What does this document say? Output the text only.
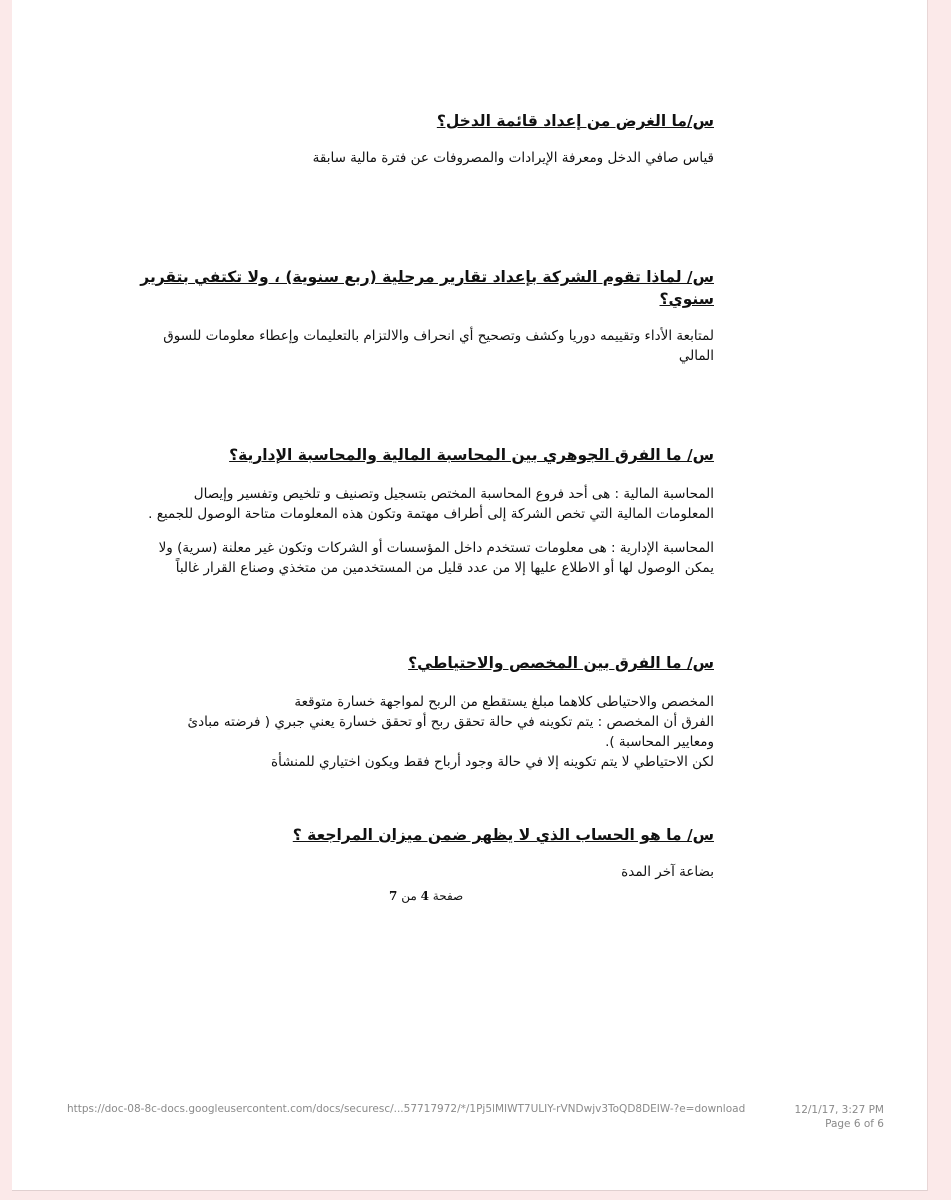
س/ما الغرض من إعداد قائمة الدخل؟

قياس صافي الدخل ومعرفة الإيرادات والمصروفات عن فترة مالية سابقة

س/ لماذا تقوم الشركة بإعداد تقارير مرحلية (ربع سنوية) ، ولا تكتفي بتقرير سنوي؟

لمتابعة الأداء وتقييمه دوريا وكشف وتصحيح أي انحراف والالتزام بالتعليمات وإعطاء معلومات للسوق
المالي

س/ ما الفرق الجوهري بين المحاسبة المالية والمحاسبة الإدارية؟

المحاسبة المالية : هى أحد فروع المحاسبة المختص بتسجيل وتصنيف و تلخيص وتفسير وإيصال
المعلومات المالية التي تخص الشركة إلى أطراف مهتمة وتكون هذه المعلومات متاحة الوصول للجميع .
المحاسبة الإدارية : هى معلومات تستخدم داخل المؤسسات أو الشركات وتكون غير معلنة (سرية) ولا
يمكن الوصول لها أو الاطلاع عليها إلا من عدد قليل من المستخدمين من متخذي وصناع القرار غالباً

س/ ما الفرق بين المخصص والاحتياطي؟

المخصص والاحتياطى كلاهما مبلغ يستقطع من الربح لمواجهة خسارة متوقعة
الفرق أن المخصص : يتم تكوينه في حالة تحقق ربح أو تحقق خسارة يعني جبري ( فرضته مبادئ
ومعايير المحاسبة ).
لكن الاحتياطي لا يتم تكوينه إلا في حالة وجود أرباح فقط ويكون اختياري للمنشأة

س/ ما هو الحساب الذي لا يظهر ضمن ميزان المراجعة ؟

بضاعة آخر المدة
صفحة 4 من 7
https://doc-08-8c-docs.googleusercontent.com/docs/securesc/...57717972/*/1Pj5lMIWT7ULIY-rVNDwjv3ToQD8DEIW-?e=download	12/1/17, 3:27 PM
Page 6 of 6
